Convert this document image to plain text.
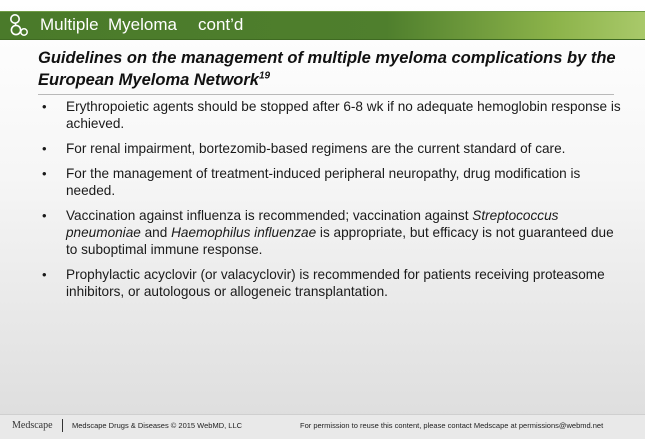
Multiple  Myeloma cont’d
Guidelines on the management of multiple myeloma complications by the European Myeloma Network$^{19}$
• Erythropoietic agents should be stopped after 6-8 wk if no adequate hemoglobin response is achieved.
• For renal impairment, bortezomib-based regimens are the current standard of care.
• For the management of treatment-induced peripheral neuropathy, drug modification is needed.
• Vaccination against influenza is recommended; vaccination against Streptococcus pneumoniae and Haemophilus influenzae is appropriate, but efficacy is not guaranteed due to suboptimal immune response.
• Prophylactic acyclovir (or valacyclovir) is recommended for patients receiving proteasome inhibitors, or autologous or allogeneic transplantation.
Medscape	Medscape Drugs & Diseases © 2015 WebMD, LLC	For permission to reuse this content, please contact Medscape at permissions@webmd.net
